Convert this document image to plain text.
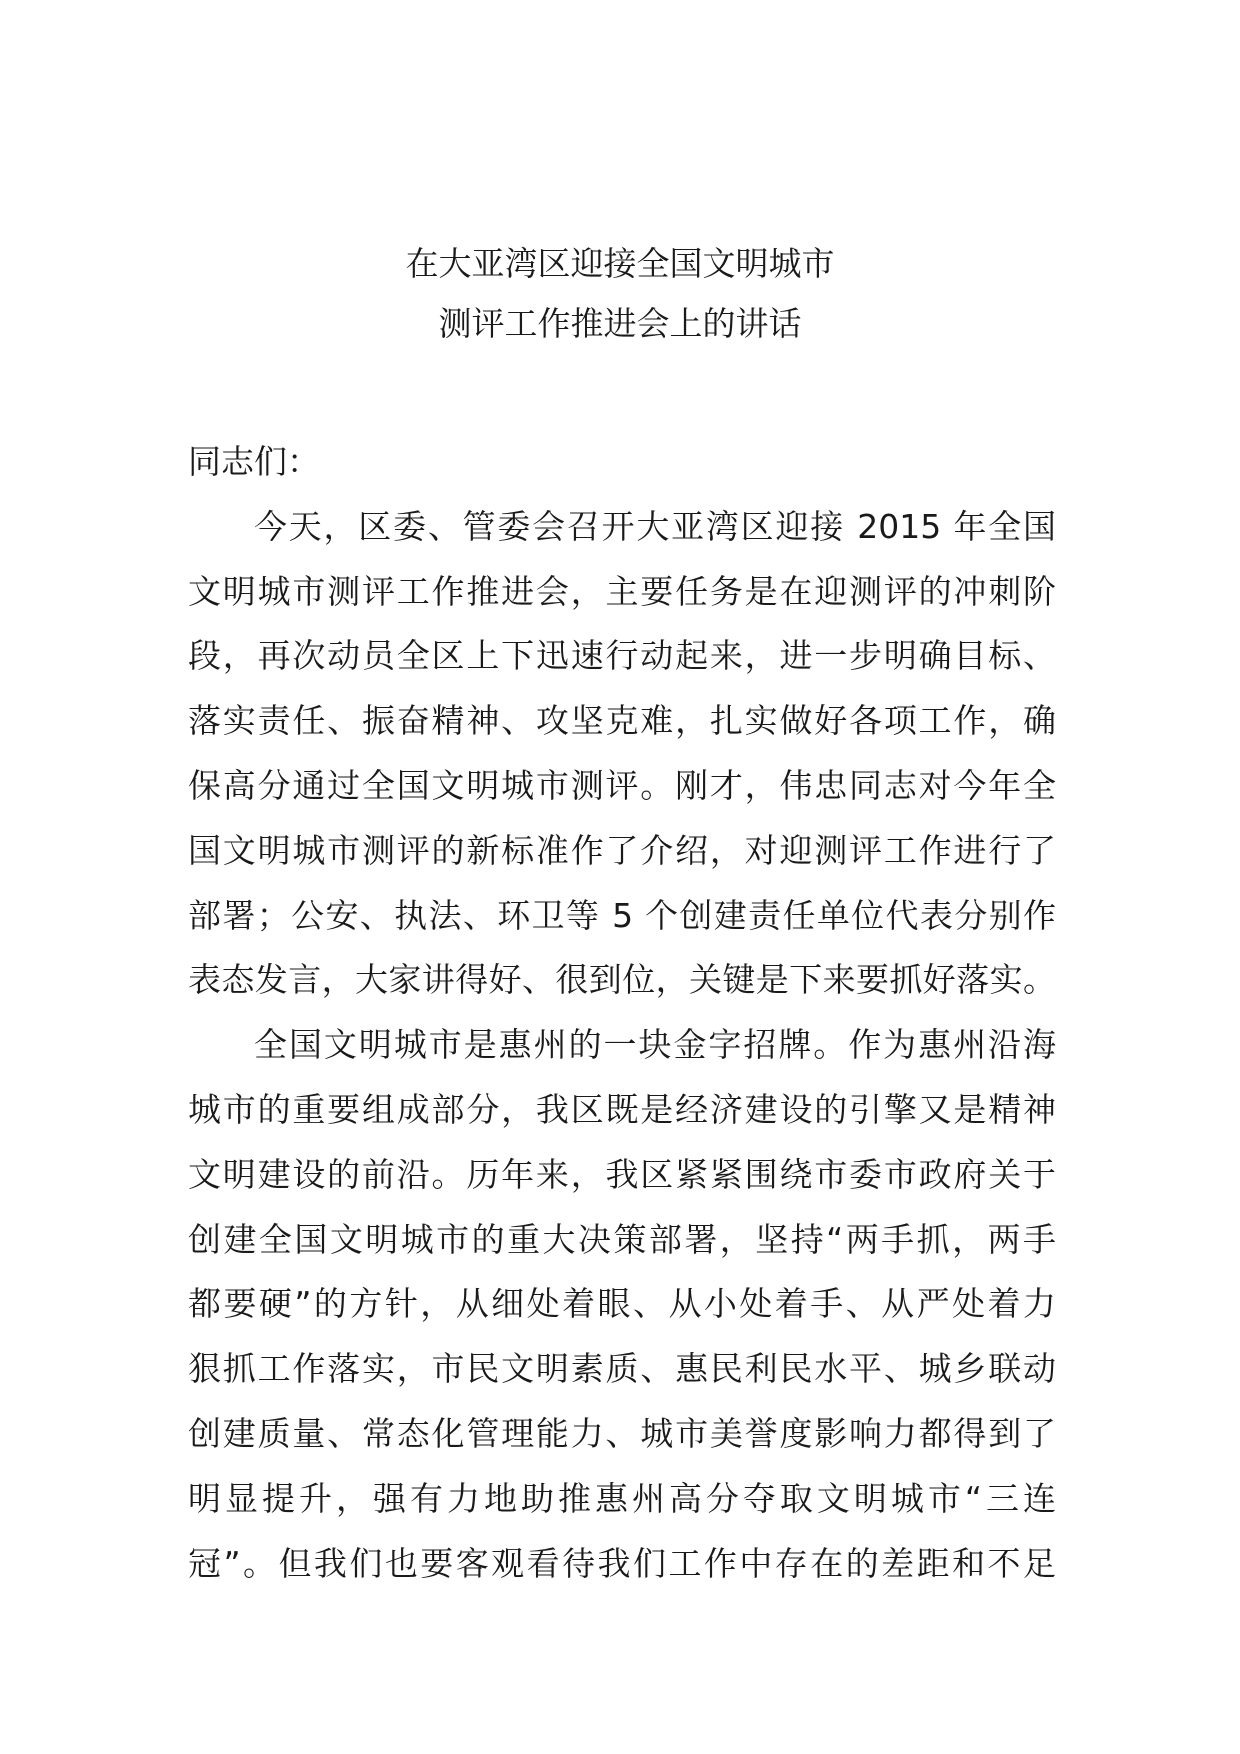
在大亚湾区迎接全国文明城市
测评工作推进会上的讲话
同志们：
今天，区委、管委会召开大亚湾区迎接 2015 年全国
文明城市测评工作推进会，主要任务是在迎测评的冲刺阶
段，再次动员全区上下迅速行动起来，进一步明确目标、
落实责任、振奋精神、攻坚克难，扎实做好各项工作，确
保高分通过全国文明城市测评。刚才，伟忠同志对今年全
国文明城市测评的新标准作了介绍，对迎测评工作进行了
部署；公安、执法、环卫等 5 个创建责任单位代表分别作
表态发言，大家讲得好、很到位，关键是下来要抓好落实。
全国文明城市是惠州的一块金字招牌。作为惠州沿海
城市的重要组成部分，我区既是经济建设的引擎又是精神
文明建设的前沿。历年来，我区紧紧围绕市委市政府关于
创建全国文明城市的重大决策部署，坚持“两手抓，两手
都要硬”的方针，从细处着眼、从小处着手、从严处着力
狠抓工作落实，市民文明素质、惠民利民水平、城乡联动
创建质量、常态化管理能力、城市美誉度影响力都得到了
明显提升，强有力地助推惠州高分夺取文明城市“三连
冠”。但我们也要客观看待我们工作中存在的差距和不足
